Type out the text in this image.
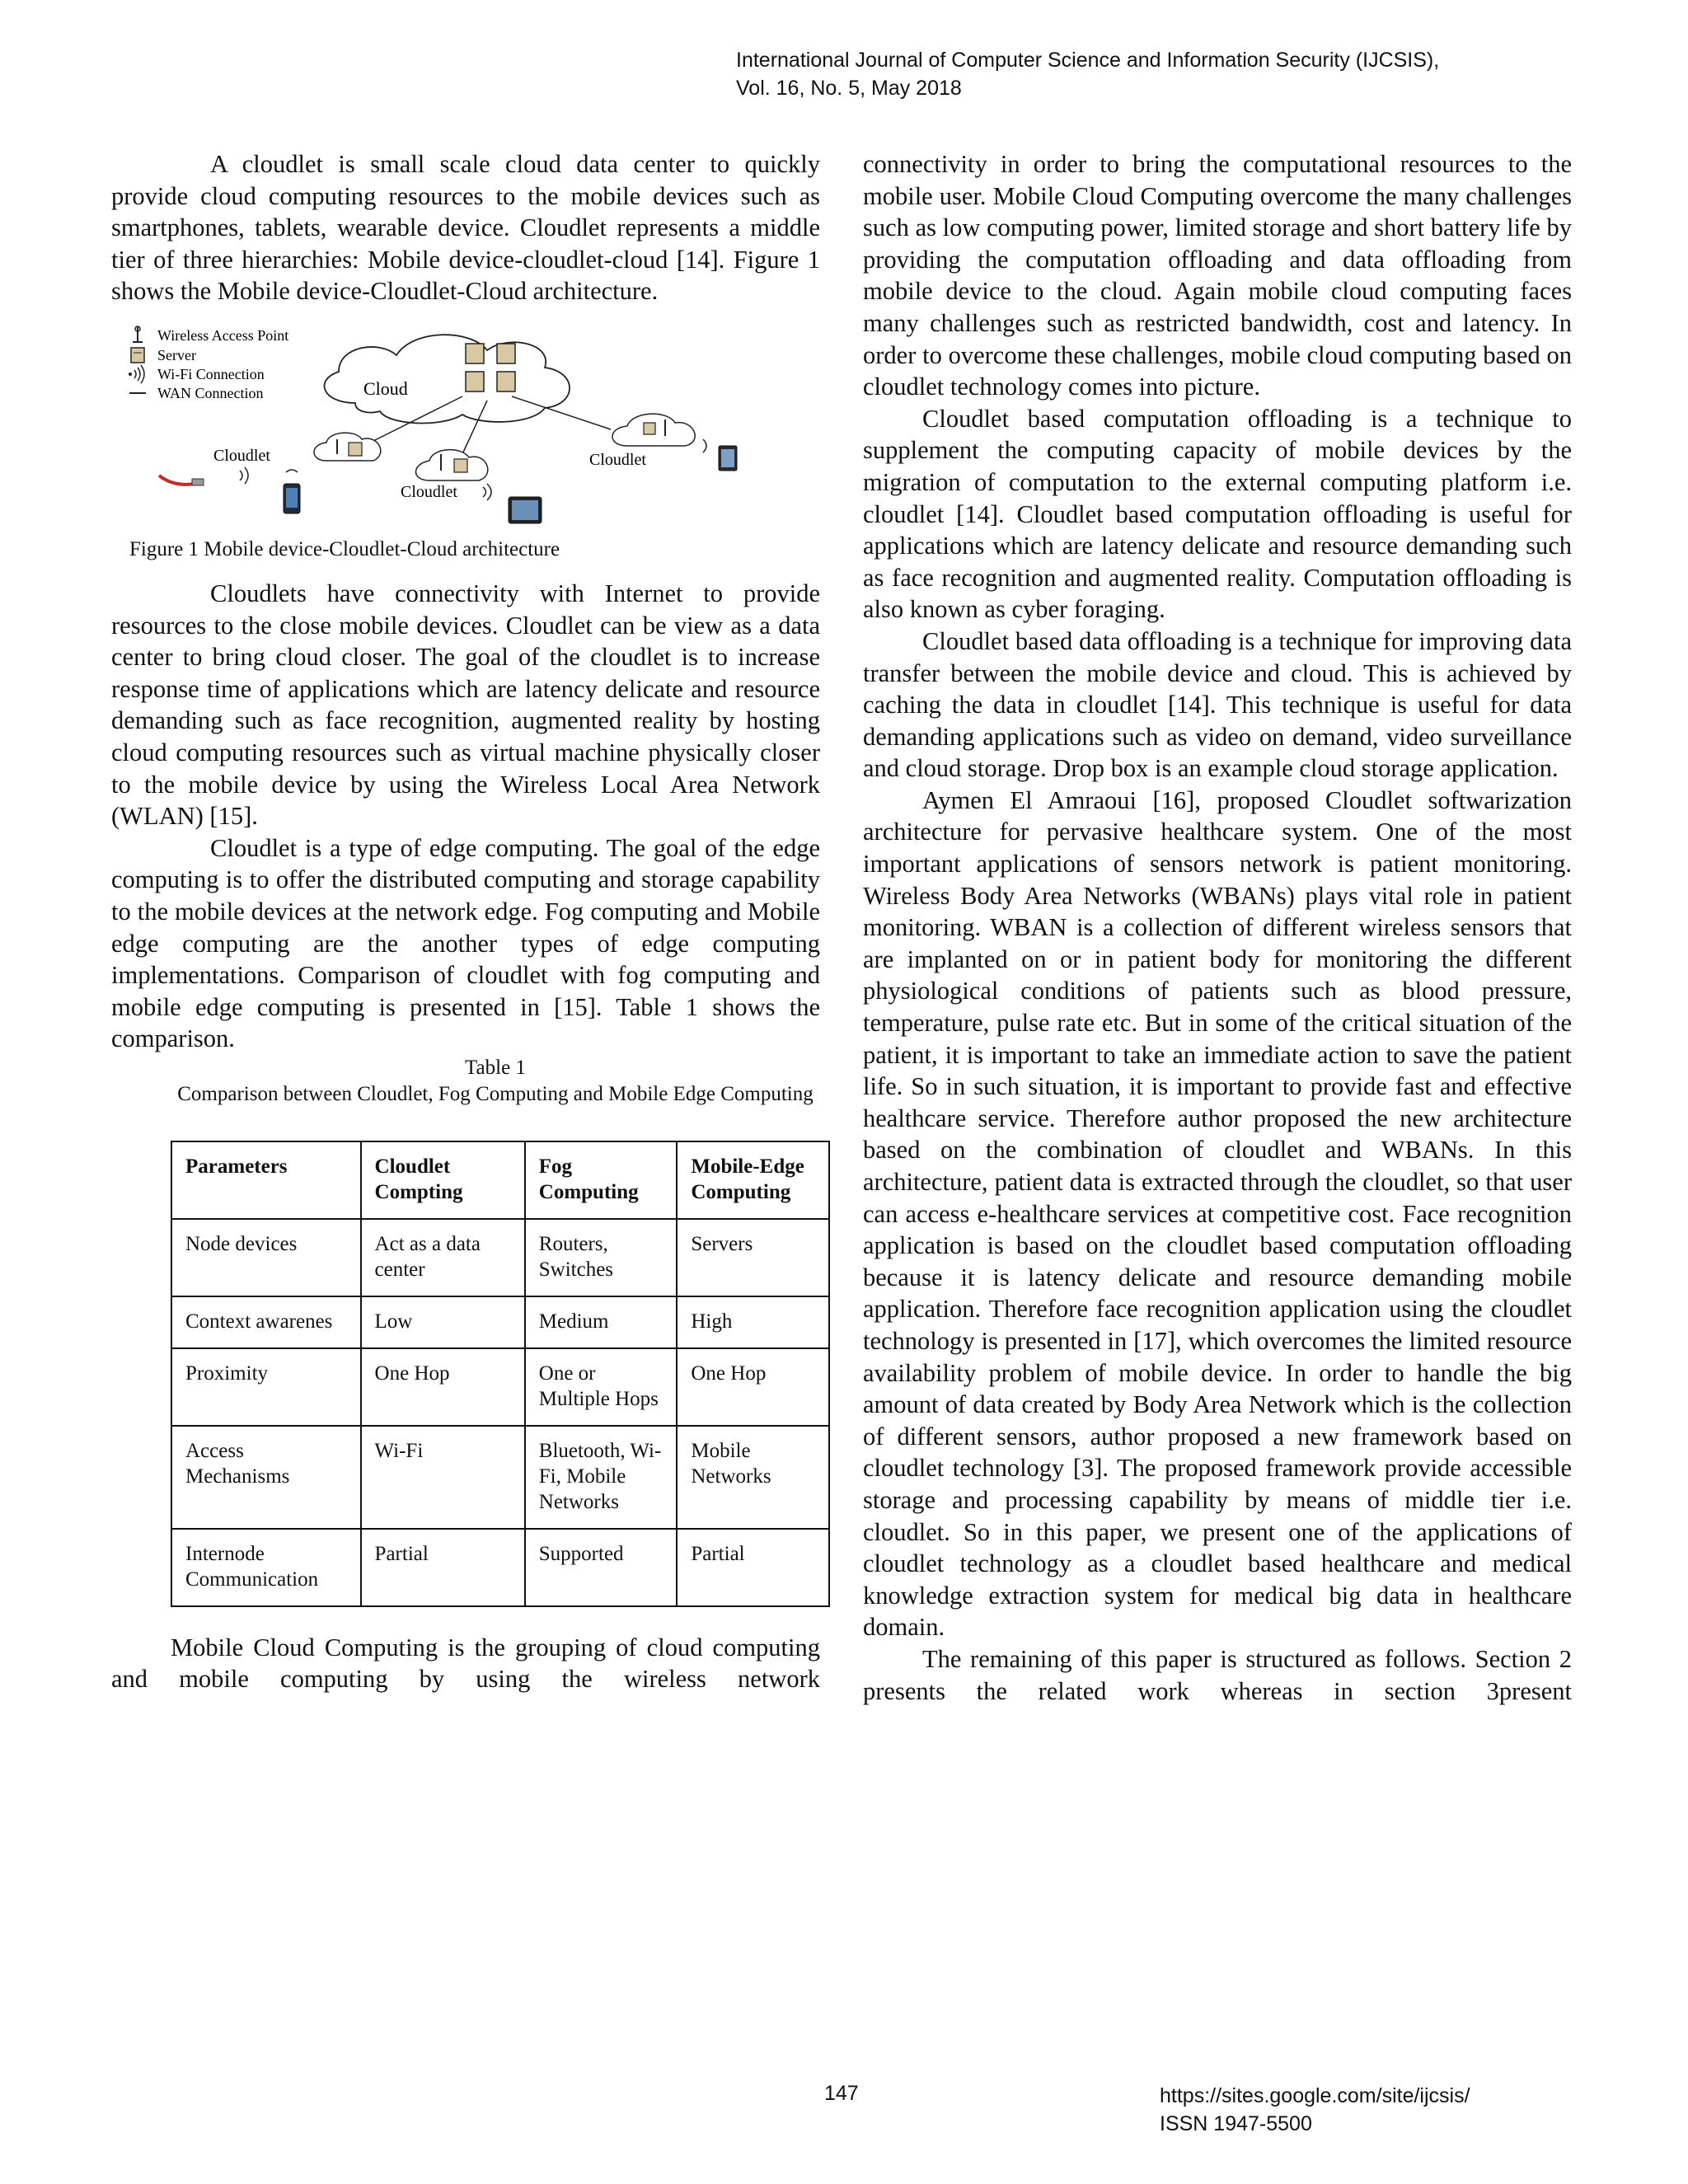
International Journal of Computer Science and Information Security (IJCSIS),
Vol. 16, No. 5, May 2018

A cloudlet is small scale cloud data center to quickly provide cloud computing resources to the mobile devices such as smartphones, tablets, wearable device. Cloudlet represents a middle tier of three hierarchies: Mobile device-cloudlet-cloud [14]. Figure 1 shows the Mobile device-Cloudlet-Cloud architecture.

Wireless Access Point
Server
Wi-Fi Connection
WAN Connection	Cloud
Cloudlet
Cloudlet
Cloudlet
Figure 1 Mobile device-Cloudlet-Cloud architecture

Cloudlets have connectivity with Internet to provide resources to the close mobile devices. Cloudlet can be view as a data center to bring cloud closer. The goal of the cloudlet is to increase response time of applications which are latency delicate and resource demanding such as face recognition, augmented reality by hosting cloud computing resources such as virtual machine physically closer to the mobile device by using the Wireless Local Area Network (WLAN) [15].

Cloudlet is a type of edge computing. The goal of the edge computing is to offer the distributed computing and storage capability to the mobile devices at the network edge. Fog computing and Mobile edge computing are the another types of edge computing implementations. Comparison of cloudlet with fog computing and mobile edge computing is presented in [15]. Table 1 shows the comparison.

Table 1
Comparison between Cloudlet, Fog Computing and Mobile Edge Computing
Parameters	Cloudlet Compting	Fog Computing	Mobile-Edge Computing
Node devices	Act as a data center	Routers, Switches	Servers
Context awarenes	Low	Medium	High
Proximity	One Hop	One or Multiple Hops	One Hop
Access Mechanisms	Wi-Fi	Bluetooth, Wi-Fi, Mobile Networks	Mobile Networks
Internode Communication	Partial	Supported	Partial

Mobile Cloud Computing is the grouping of cloud computing and mobile computing by using the wireless network

connectivity in order to bring the computational resources to the mobile user. Mobile Cloud Computing overcome the many challenges such as low computing power, limited storage and short battery life by providing the computation offloading and data offloading from mobile device to the cloud. Again mobile cloud computing faces many challenges such as restricted bandwidth, cost and latency. In order to overcome these challenges, mobile cloud computing based on cloudlet technology comes into picture.

Cloudlet based computation offloading is a technique to supplement the computing capacity of mobile devices by the migration of computation to the external computing platform i.e. cloudlet [14]. Cloudlet based computation offloading is useful for applications which are latency delicate and resource demanding such as face recognition and augmented reality. Computation offloading is also known as cyber foraging.

Cloudlet based data offloading is a technique for improving data transfer between the mobile device and cloud. This is achieved by caching the data in cloudlet [14]. This technique is useful for data demanding applications such as video on demand, video surveillance and cloud storage. Drop box is an example cloud storage application.

Aymen El Amraoui [16], proposed Cloudlet softwarization architecture for pervasive healthcare system. One of the most important applications of sensors network is patient monitoring. Wireless Body Area Networks (WBANs) plays vital role in patient monitoring. WBAN is a collection of different wireless sensors that are implanted on or in patient body for monitoring the different physiological conditions of patients such as blood pressure, temperature, pulse rate etc. But in some of the critical situation of the patient, it is important to take an immediate action to save the patient life. So in such situation, it is important to provide fast and effective healthcare service. Therefore author proposed the new architecture based on the combination of cloudlet and WBANs. In this architecture, patient data is extracted through the cloudlet, so that user can access e-healthcare services at competitive cost. Face recognition application is based on the cloudlet based computation offloading because it is latency delicate and resource demanding mobile application. Therefore face recognition application using the cloudlet technology is presented in [17], which overcomes the limited resource availability problem of mobile device. In order to handle the big amount of data created by Body Area Network which is the collection of different sensors, author proposed a new framework based on cloudlet technology [3]. The proposed framework provide accessible storage and processing capability by means of middle tier i.e. cloudlet. So in this paper, we present one of the applications of cloudlet technology as a cloudlet based healthcare and medical knowledge extraction system for medical big data in healthcare domain.

The remaining of this paper is structured as follows. Section 2 presents the related work whereas in section 3present

147	https://sites.google.com/site/ijcsis/
ISSN 1947-5500
